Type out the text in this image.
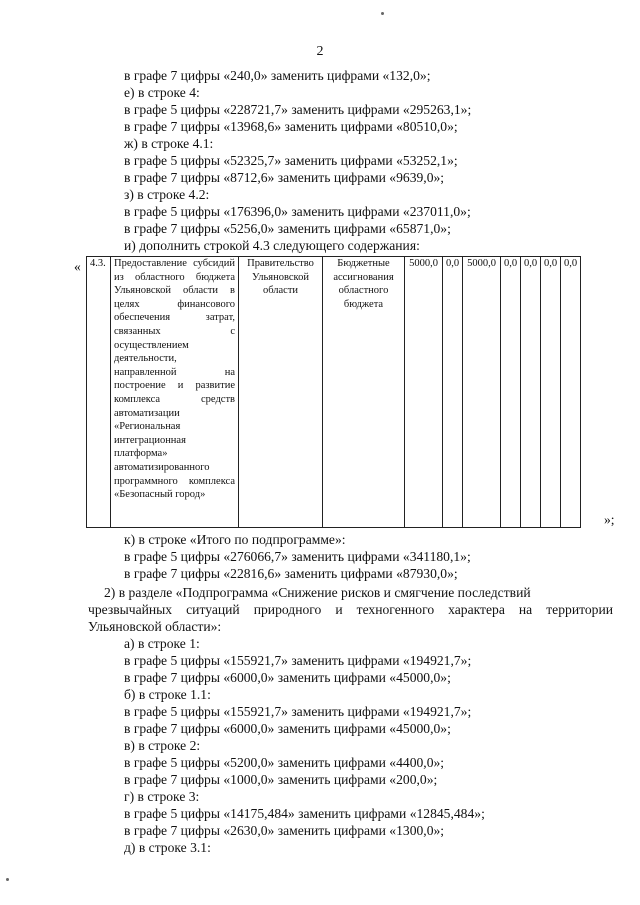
2
в графе 7 цифры «240,0» заменить цифрами «132,0»;
е) в строке 4:
в графе 5 цифры «228721,7» заменить цифрами «295263,1»;
в графе 7 цифры «13968,6» заменить цифрами «80510,0»;
ж) в строке 4.1:
в графе 5 цифры «52325,7» заменить цифрами «53252,1»;
в графе 7 цифры «8712,6» заменить цифрами «9639,0»;
з) в строке 4.2:
в графе 5 цифры «176396,0» заменить цифрами «237011,0»;
в графе 7 цифры «5256,0» заменить цифрами «65871,0»;
и) дополнить строкой 4.3 следующего содержания:
« 4.3.	Предоставление субсидий из областного бюджета Ульяновской области в целях финансового обеспечения затрат, связанных с осуществлением деятельности, направленной на построение и развитие комплекса средств автоматизации «Региональная интеграционная платформа» автоматизированного программного комплекса «Безопасный город»	Правительство Ульяновской области	Бюджетные ассигнования областного бюджета	5000,0	0,0	5000,0	0,0	0,0	0,0	0,0
»;
к) в строке «Итого по подпрограмме»:
в графе 5 цифры «276066,7» заменить цифрами «341180,1»;
в графе 7 цифры «22816,6» заменить цифрами «87930,0»;
2) в разделе «Подпрограмма «Снижение рисков и смягчение последствий
чрезвычайных ситуаций природного и техногенного характера на территории
Ульяновской области»:
а) в строке 1:
в графе 5 цифры «155921,7» заменить цифрами «194921,7»;
в графе 7 цифры «6000,0» заменить цифрами «45000,0»;
б) в строке 1.1:
в графе 5 цифры «155921,7» заменить цифрами «194921,7»;
в графе 7 цифры «6000,0» заменить цифрами «45000,0»;
в) в строке 2:
в графе 5 цифры «5200,0» заменить цифрами «4400,0»;
в графе 7 цифры «1000,0» заменить цифрами «200,0»;
г) в строке 3:
в графе 5 цифры «14175,484» заменить цифрами «12845,484»;
в графе 7 цифры «2630,0» заменить цифрами «1300,0»;
д) в строке 3.1:
